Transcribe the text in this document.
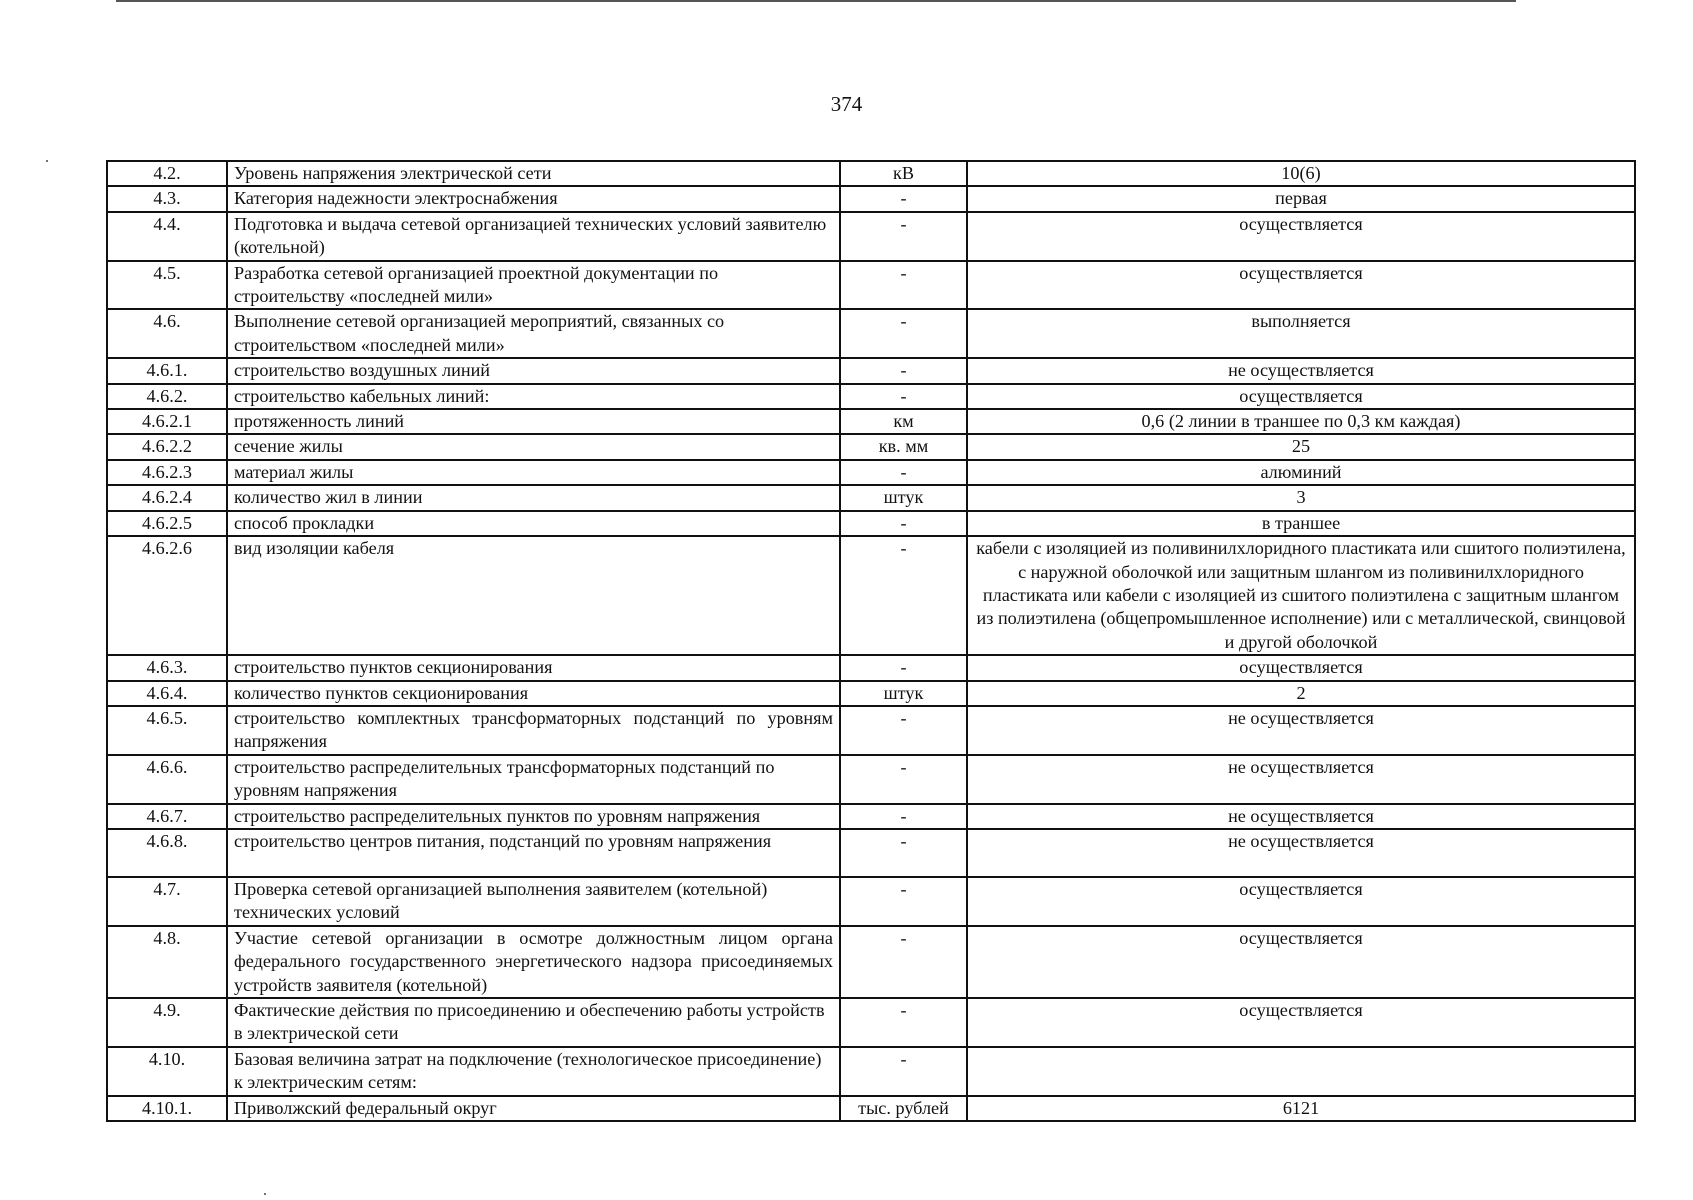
374
4.2.	Уровень напряжения электрической сети	кВ	10(6)
4.3.	Категория надежности электроснабжения	-	первая
4.4.	Подготовка и выдача сетевой организацией технических условий заявителю (котельной)	-	осуществляется
4.5.	Разработка сетевой организацией проектной документации по строительству «последней мили»	-	осуществляется
4.6.	Выполнение сетевой организацией мероприятий, связанных со строительством «последней мили»	-	выполняется
4.6.1.	строительство воздушных линий	-	не осуществляется
4.6.2.	строительство кабельных линий:	-	осуществляется
4.6.2.1	протяженность линий	км	0,6 (2 линии в траншее по 0,3 км каждая)
4.6.2.2	сечение жилы	кв. мм	25
4.6.2.3	материал жилы	-	алюминий
4.6.2.4	количество жил в линии	штук	3
4.6.2.5	способ прокладки	-	в траншее
4.6.2.6	вид изоляции кабеля	-	кабели с изоляцией из поливинилхлоридного пластиката или сшитого полиэтилена, с наружной оболочкой или защитным шлангом из поливинилхлоридного пластиката или кабели с изоляцией из сшитого полиэтилена с защитным шлангом из полиэтилена (общепромышленное исполнение) или с металлической, свинцовой и другой оболочкой
4.6.3.	строительство пунктов секционирования	-	осуществляется
4.6.4.	количество пунктов секционирования	штук	2
4.6.5.	строительство комплектных трансформаторных подстанций по уровням напряжения	-	не осуществляется
4.6.6.	строительство распределительных трансформаторных подстанций по уровням напряжения	-	не осуществляется
4.6.7.	строительство распределительных пунктов по уровням напряжения	-	не осуществляется
4.6.8.	строительство центров питания, подстанций по уровням напряжения	-	не осуществляется
4.7.	Проверка сетевой организацией выполнения заявителем (котельной) технических условий	-	осуществляется
4.8.	Участие сетевой организации в осмотре должностным лицом органа федерального государственного энергетического надзора присоединяемых устройств заявителя (котельной)	-	осуществляется
4.9.	Фактические действия по присоединению и обеспечению работы устройств в электрической сети	-	осуществляется
4.10.	Базовая величина затрат на подключение (технологическое присоединение) к электрическим сетям:	-	
4.10.1.	Приволжский федеральный округ	тыс. рублей	6121
